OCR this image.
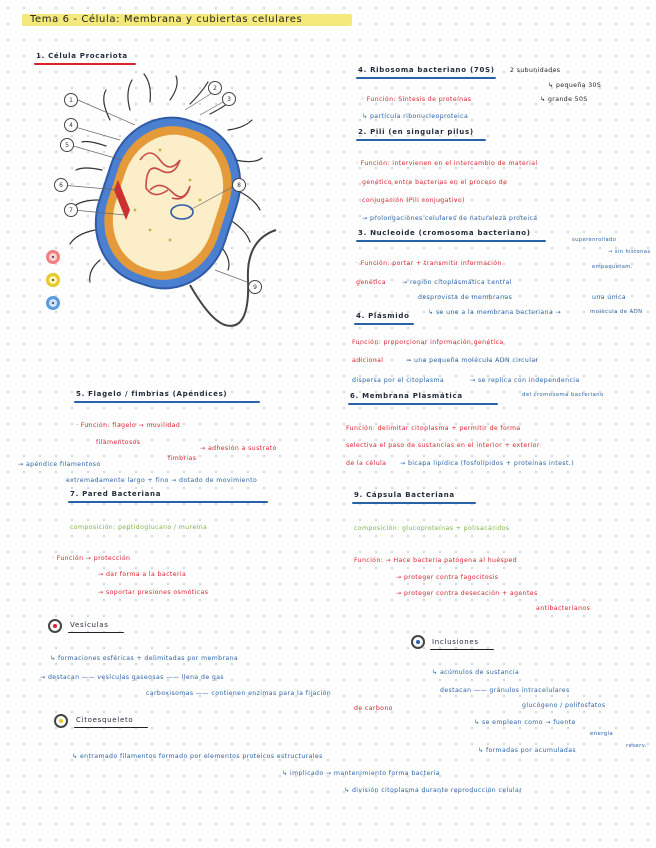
Tema 6 - Célula: Membrana y cubiertas celulares
1. Célula Procariota
1
2
3
4
5
6
7
8
9
4. Ribosoma bacteriano (70S) 2 subunidades
↳ pequeña 30S
· Función: Síntesis de proteínas	↳ grande 50S
↳ partícula ribonucleoproteica
2. Pili (en singular pilus)
· Función: intervienen en el intercambio de material
genético entre bacterias en el proceso de
conjugación (Pili conjugativo)
→ prolongaciones celulares de naturaleza proteica
3. Nucleoide (cromosoma bacteriano)
superenrollado
→ sin histonas
· Función: portar + transmitir información	empaquetam.
genética	→ región citoplasmática central
desprovista de membranas	una única
4. Plásmido	↳ se une a la membrana bacteriana →	molécula de ADN
Función: proporcionar información genética
adicional	→ una pequeña molécula ADN circular
dispersa por el citoplasma	→ se replica con independencia
6. Membrana Plasmática	del cromosoma bacteriano
Función: delimitar citoplasma + permitir de forma
selectiva el paso de sustancias en el interior + exterior
de la célula → bicapa lipídica (fosfolípidos + proteínas intest.)
5. Flagelo / fimbrias (Apéndices)
· Función: flagelo → movilidad
filamentosos
→ adhesión a sustrato
fimbrias
→ apéndice filamentoso
extremadamente largo + fino → dotado de movimiento
7. Pared Bacteriana
composición: peptidoglucano / mureína
· Función → protección
→ dar forma a la bacteria
→ soportar presiones osmóticas
9. Cápsula Bacteriana
composición: glucoproteínas + polisacáridos
Función: → Hace bacteria patógena al huésped
→ proteger contra fagocitosis
→ proteger contra desecación + agentes
antibacterianos
Vesículas
↳ formaciones esféricas + delimitadas por membrana
→ destacan —— vesículas gaseosas —— llena de gas
carboxisomas —— contienen enzimas para la fijación
de carbono
Inclusiones
↳ acúmulos de sustancia
destacan —— gránulos intracelulares
glucógeno / polifosfatos
↳ se emplean como → fuente
energía
reserv.
↳ formadas por acumuladas
Citoesqueleto
↳ entramado filamentos formado por elementos proteicos estructurales
↳ implicado → mantenimiento forma bacteria
↳ división citoplasma durante reproducción celular
